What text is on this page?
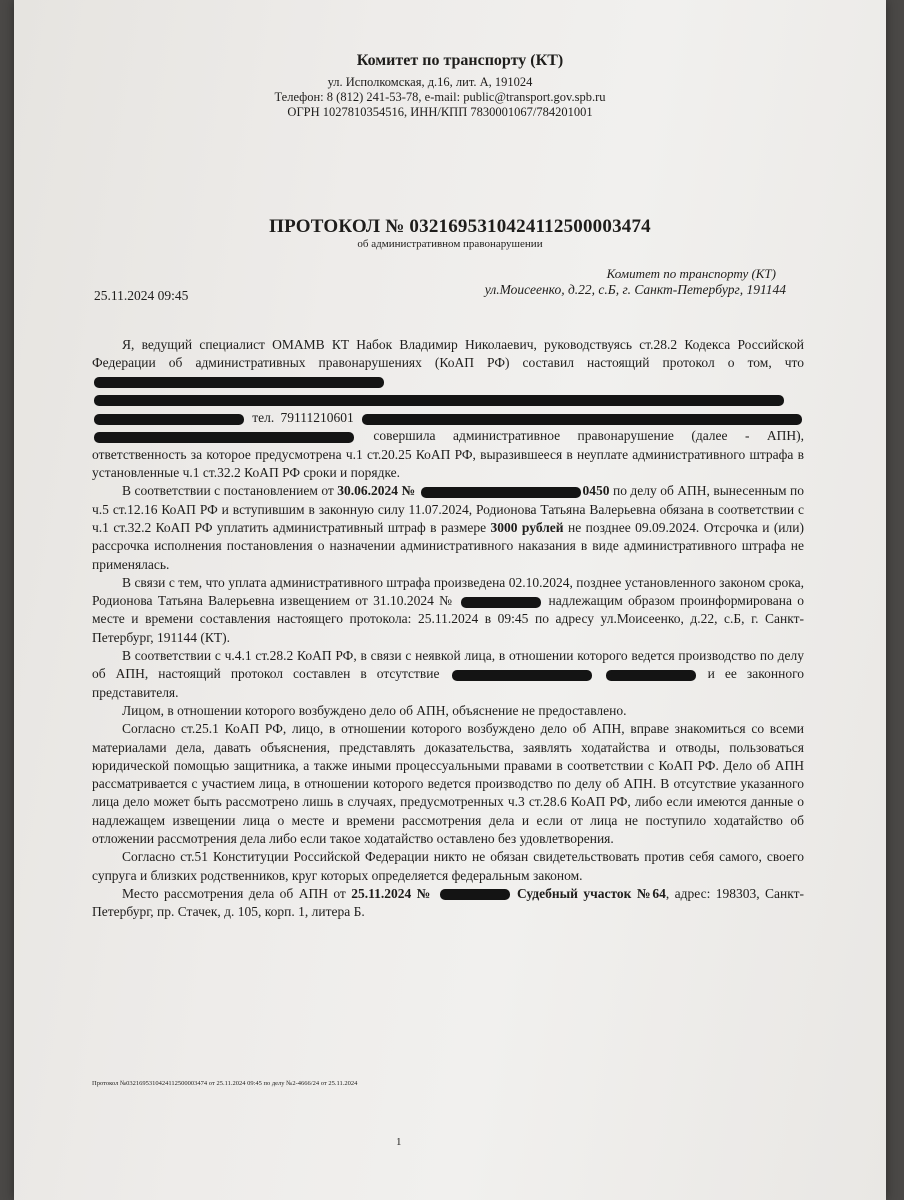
Комитет по транспорту (КТ)
ул. Исполкомская, д.16, лит. А, 191024
Телефон: 8 (812) 241-53-78, e-mail: public@transport.gov.spb.ru
ОГРН 1027810354516, ИНН/КПП 7830001067/784201001
ПРОТОКОЛ № 0321695310424112500003474
об административном правонарушении
Комитет по транспорту (КТ)
25.11.2024 09:45	ул.Моисеенко, д.22, с.Б, г. Санкт-Петербург, 191144

Я, ведущий специалист ОМАМВ КТ Набок Владимир Николаевич, руководствуясь ст.28.2 Кодекса Российской Федерации об административных правонарушениях (КоАП РФ) составил настоящий протокол о том, что    тел. 79111210601   совершила административное правонарушение (далее - АПН), ответственность за которое предусмотрена ч.1 ст.20.25 КоАП РФ, выразившееся в неуплате административного штрафа в установленные ч.1 ст.32.2 КоАП РФ сроки и порядке.

В соответствии с постановлением от 30.06.2024 №	0450 по делу об АПН, вынесенным по ч.5 ст.12.16 КоАП РФ и вступившим в законную силу 11.07.2024, Родионова Татьяна Валерьевна обязана в соответствии с ч.1 ст.32.2 КоАП РФ уплатить административный штраф в размере 3000 рублей не позднее 09.09.2024. Отсрочка и (или) рассрочка исполнения постановления о назначении административного наказания в виде административного штрафа не применялась.

В связи с тем, что уплата административного штрафа произведена 02.10.2024, позднее установленного законом срока, Родионова Татьяна Валерьевна извещением от 31.10.2024 №	надлежащим образом проинформирована о месте и времени составления настоящего протокола: 25.11.2024 в 09:45 по адресу ул.Моисеенко, д.22, с.Б, г. Санкт-Петербург, 191144 (КТ).

В соответствии с ч.4.1 ст.28.2 КоАП РФ, в связи с неявкой лица, в отношении которого ведется производство по делу об АПН, настоящий протокол составлен в отсутствие	и ее законного представителя.

Лицом, в отношении которого возбуждено дело об АПН, объяснение не предоставлено.

Согласно ст.25.1 КоАП РФ, лицо, в отношении которого возбуждено дело об АПН, вправе знакомиться со всеми материалами дела, давать объяснения, представлять доказательства, заявлять ходатайства и отводы, пользоваться юридической помощью защитника, а также иными процессуальными правами в соответствии с КоАП РФ. Дело об АПН рассматривается с участием лица, в отношении которого ведется производство по делу об АПН. В отсутствие указанного лица дело может быть рассмотрено лишь в случаях, предусмотренных ч.3 ст.28.6 КоАП РФ, либо если имеются данные о надлежащем извещении лица о месте и времени рассмотрения дела и если от лица не поступило ходатайство об отложении рассмотрения дела либо если такое ходатайство оставлено без удовлетворения.

Согласно ст.51 Конституции Российской Федерации никто не обязан свидетельствовать против себя самого, своего супруга и близких родственников, круг которых определяется федеральным законом.

Место рассмотрения дела об АПН от 25.11.2024 №	Судебный участок №64, адрес: 198303, Санкт-Петербург, пр. Стачек, д. 105, корп. 1, литера Б.

Протокол №0321695310424112500003474 от 25.11.2024 09:45 по делу №2-4666/24 от 25.11.2024
1
